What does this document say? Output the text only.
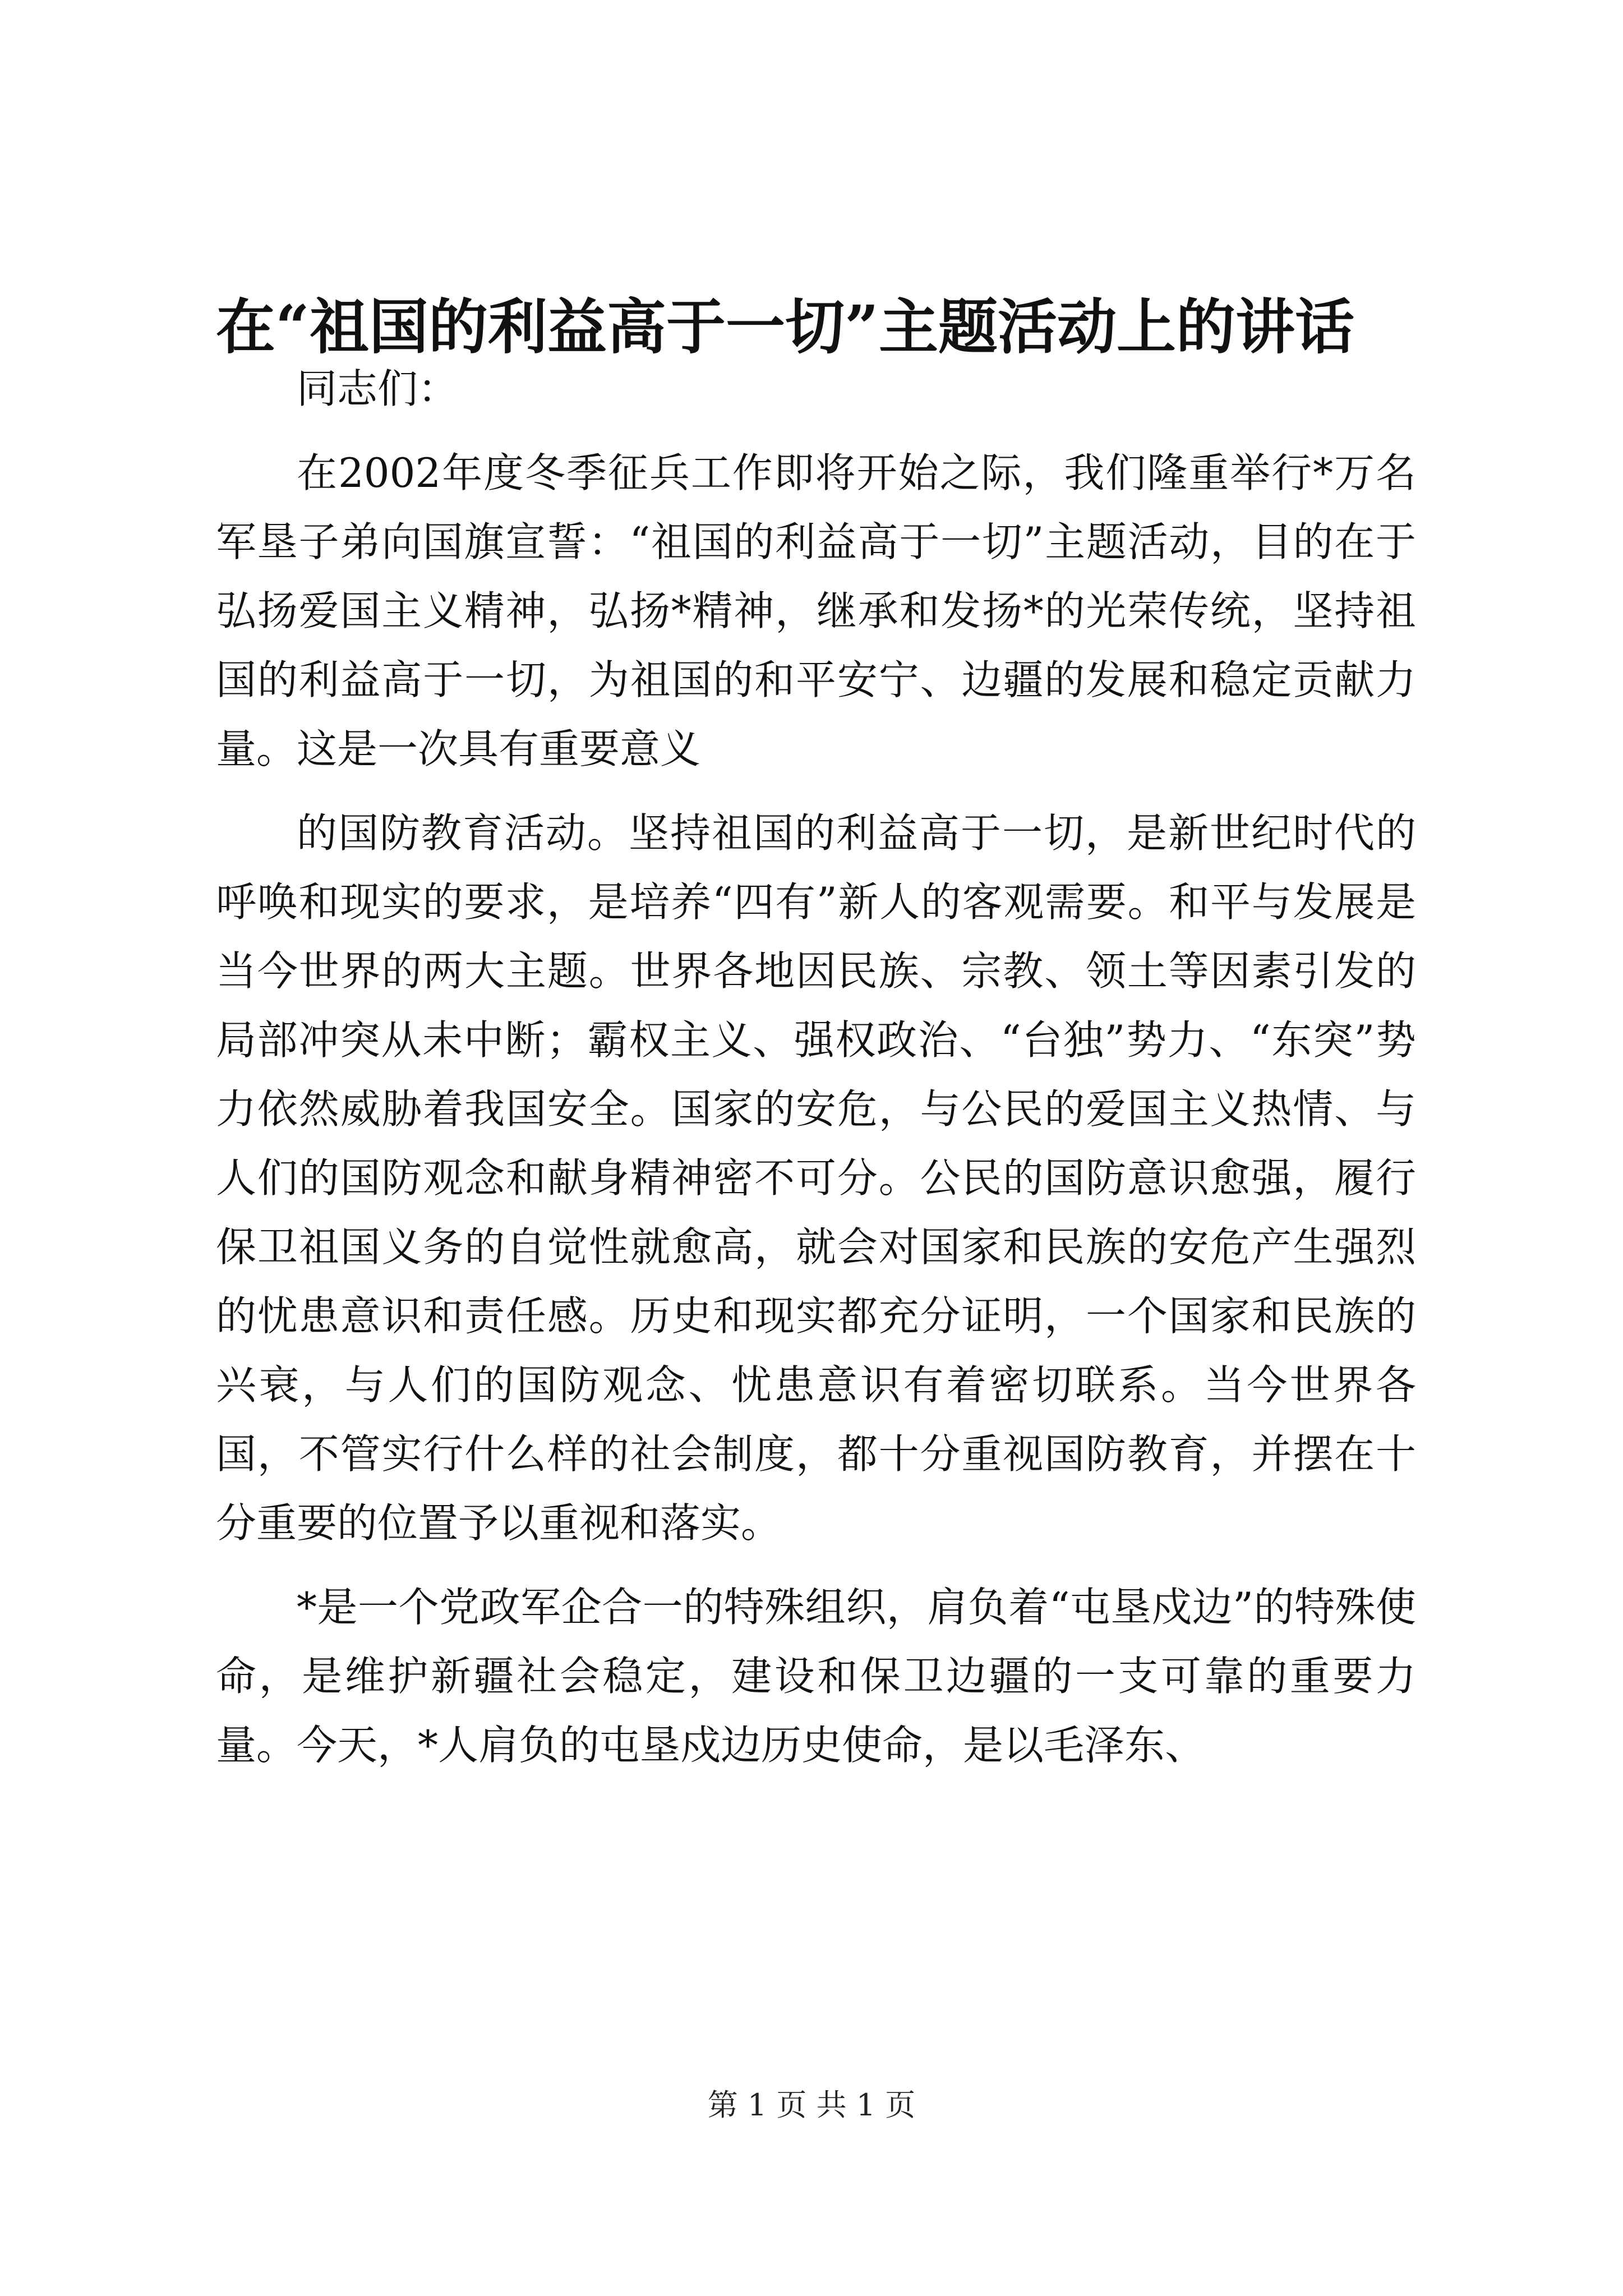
在“祖国的利益高于一切”主题活动上的讲话

同志们：

在2002年度冬季征兵工作即将开始之际，我们隆重举行*万名军垦子弟向国旗宣誓：“祖国的利益高于一切”主题活动，目的在于弘扬爱国主义精神，弘扬*精神，继承和发扬*的光荣传统，坚持祖国的利益高于一切，为祖国的和平安宁、边疆的发展和稳定贡献力量。这是一次具有重要意义

的国防教育活动。坚持祖国的利益高于一切，是新世纪时代的呼唤和现实的要求，是培养“四有”新人的客观需要。和平与发展是当今世界的两大主题。世界各地因民族、宗教、领土等因素引发的局部冲突从未中断；霸权主义、强权政治、“台独”势力、“东突”势力依然威胁着我国安全。国家的安危，与公民的爱国主义热情、与人们的国防观念和献身精神密不可分。公民的国防意识愈强，履行保卫祖国义务的自觉性就愈高，就会对国家和民族的安危产生强烈的忧患意识和责任感。历史和现实都充分证明，一个国家和民族的兴衰，与人们的国防观念、忧患意识有着密切联系。当今世界各国，不管实行什么样的社会制度，都十分重视国防教育，并摆在十分重要的位置予以重视和落实。

*是一个党政军企合一的特殊组织，肩负着“屯垦戍边”的特殊使命，是维护新疆社会稳定，建设和保卫边疆的一支可靠的重要力量。今天，*人肩负的屯垦戍边历史使命，是以毛泽东、

第 1 页 共 1 页
